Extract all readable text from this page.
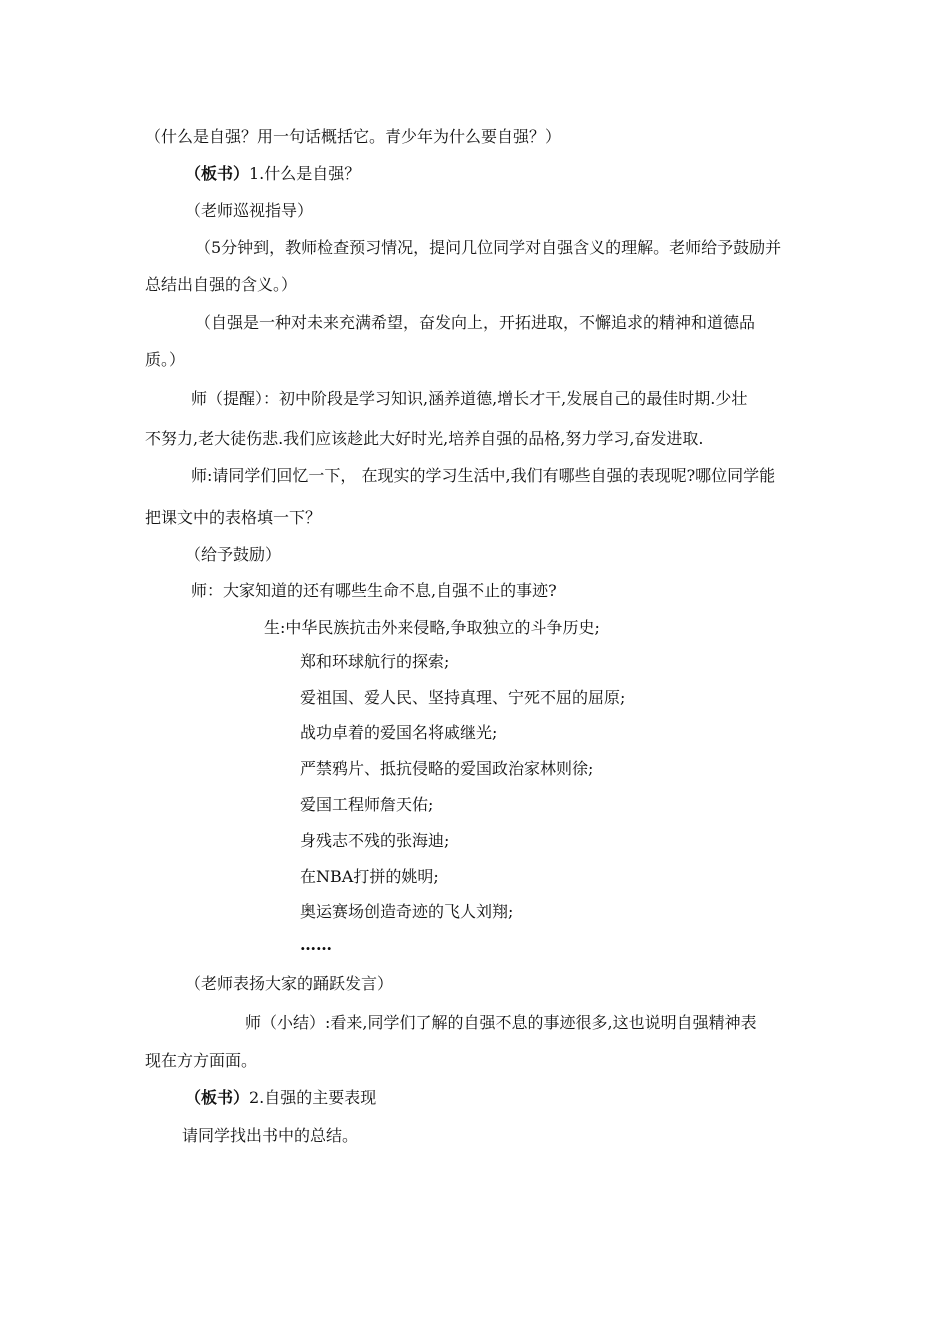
（什么是自强？用一句话概括它。青少年为什么要自强？）
（板书） 1.什么是自强？
（老师巡视指导）
（5分钟到，教师检查预习情况，提问几位同学对自强含义的理解。老师给予鼓励并
总结出自强的含义。）
（自强是一种对未来充满希望，奋发向上，开拓进取，不懈追求的精神和道德品
质。）
师（提醒）：初中阶段是学习知识,涵养道德,增长才干,发展自己的最佳时期.少壮
不努力,老大徒伤悲.我们应该趁此大好时光,培养自强的品格,努力学习,奋发进取.
师:请同学们回忆一下， 在现实的学习生活中,我们有哪些自强的表现呢?哪位同学能
把课文中的表格填一下？
（给予鼓励）
师：大家知道的还有哪些生命不息,自强不止的事迹?
生:中华民族抗击外来侵略,争取独立的斗争历史;
郑和环球航行的探索;
爱祖国、爱人民、坚持真理、宁死不屈的屈原;
战功卓着的爱国名将戚继光;
严禁鸦片、抵抗侵略的爱国政治家林则徐;
爱国工程师詹天佑;
身残志不残的张海迪;
在NBA打拼的姚明;
奥运赛场创造奇迹的飞人刘翔;
……
（老师表扬大家的踊跃发言）
师（小结）:看来,同学们了解的自强不息的事迹很多,这也说明自强精神表
现在方方面面。
（板书） 2.自强的主要表现
请同学找出书中的总结。
